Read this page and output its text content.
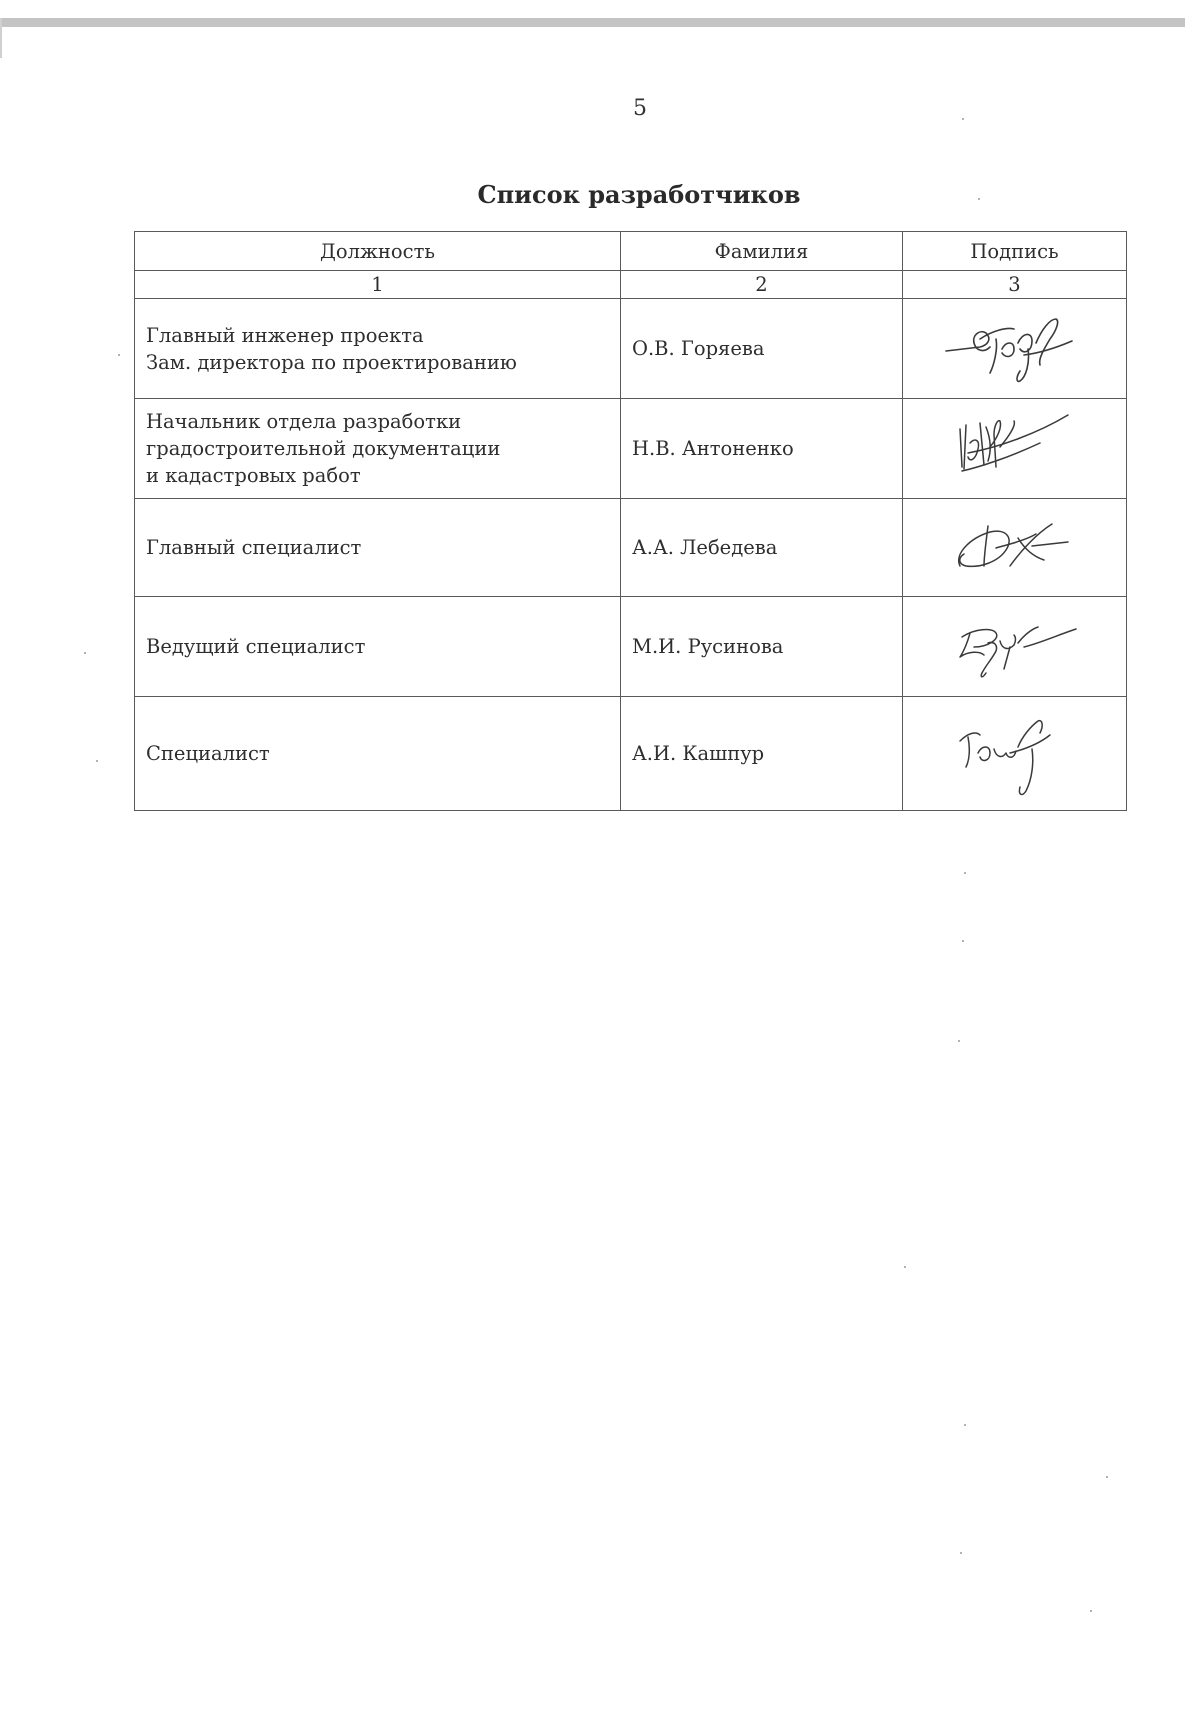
5
Список разработчиков
Должность	Фамилия	Подпись
1	2	3

Главный инженер проекта
Зам. директора по проектированию	О.В. Горяева	

Начальник отдела разработки
градостроительной документации
и кадастровых работ	Н.В. Антоненко	

Главный специалист	А.А. Лебедева	

Ведущий специалист	М.И. Русинова	

Специалист	А.И. Кашпур	
